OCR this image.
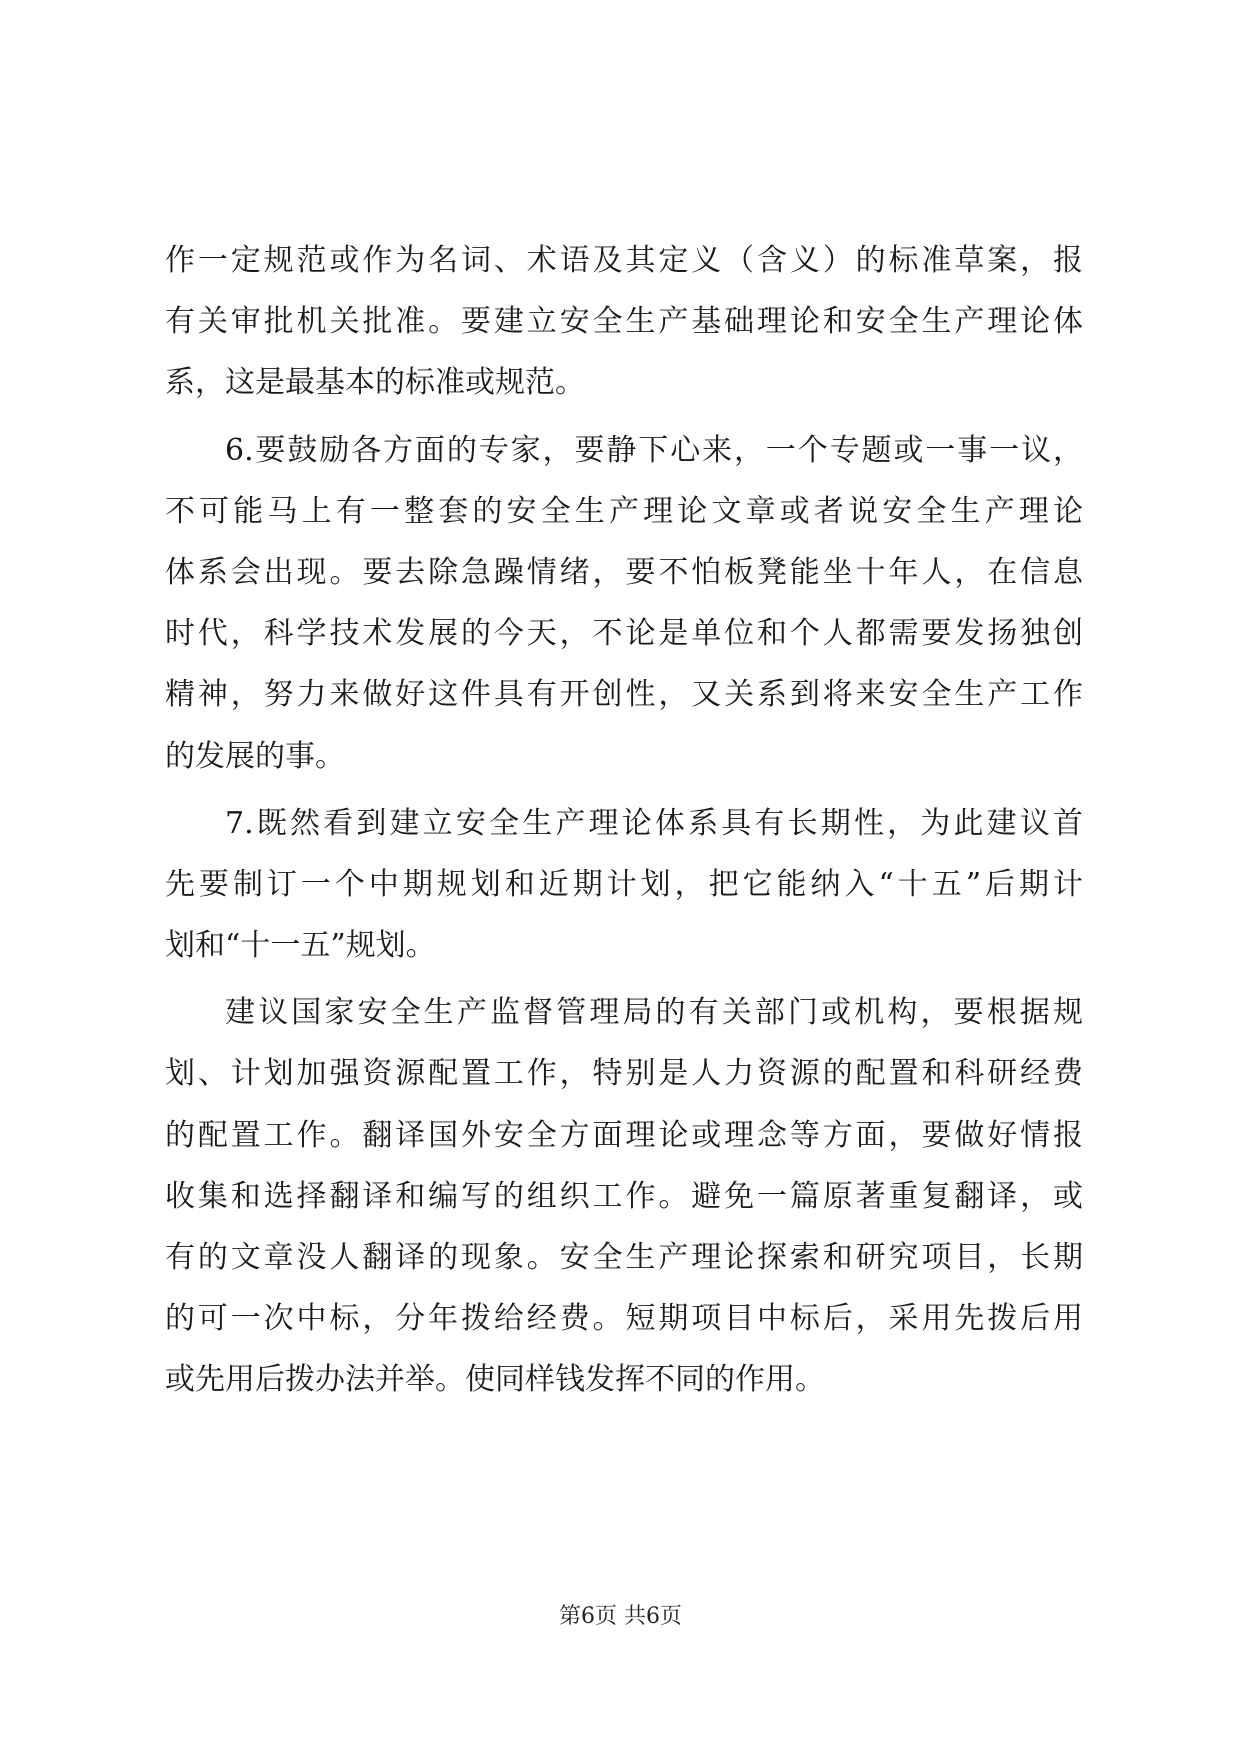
作一定规范或作为名词、术语及其定义（含义）的标准草案，报
有关审批机关批准。要建立安全生产基础理论和安全生产理论体
系，这是最基本的标准或规范。
6.要鼓励各方面的专家，要静下心来，一个专题或一事一议，
不可能马上有一整套的安全生产理论文章或者说安全生产理论
体系会出现。要去除急躁情绪，要不怕板凳能坐十年人，在信息
时代，科学技术发展的今天，不论是单位和个人都需要发扬独创
精神，努力来做好这件具有开创性，又关系到将来安全生产工作
的发展的事。
7.既然看到建立安全生产理论体系具有长期性，为此建议首
先要制订一个中期规划和近期计划，把它能纳入“十五”后期计
划和“十一五”规划。
建议国家安全生产监督管理局的有关部门或机构，要根据规
划、计划加强资源配置工作，特别是人力资源的配置和科研经费
的配置工作。翻译国外安全方面理论或理念等方面，要做好情报
收集和选择翻译和编写的组织工作。避免一篇原著重复翻译，或
有的文章没人翻译的现象。安全生产理论探索和研究项目，长期
的可一次中标，分年拨给经费。短期项目中标后，采用先拨后用
或先用后拨办法并举。使同样钱发挥不同的作用。
第6页 共6页
